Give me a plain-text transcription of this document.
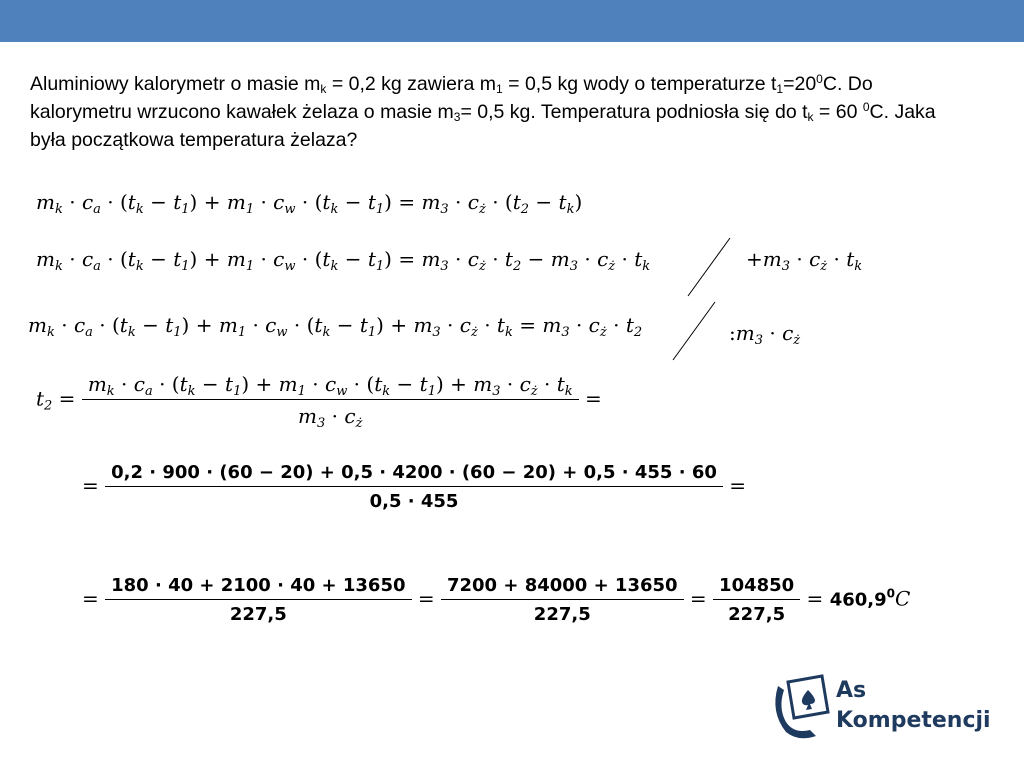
Aluminiowy kalorymetr o masie $m_k = 0,2$ kg zawiera $m_1 = 0,5$ kg wody o temperaturze $t_1=20^0C$. Do kalorymetru wrzucono kawałek żelaza o masie $m_3= 0,5$ kg. Temperatura podniosła się do $t_k = 60$ $^0$C. Jaka była początkowa temperatura żelaza?
$m_k \cdot c_a \cdot (t_k - t_1) + m_1 \cdot c_w \cdot (t_k - t_1) = m_3 \cdot c_ż \cdot (t_2 - t_k)$
$m_k \cdot c_a \cdot (t_k - t_1) + m_1 \cdot c_w \cdot (t_k - t_1) = m_3 \cdot c_ż \cdot t_2 - m_3 \cdot c_ż \cdot t_k$	$+m_3 \cdot c_ż \cdot t_k$
$m_k \cdot c_a \cdot (t_k - t_1) + m_1 \cdot c_w \cdot (t_k - t_1) + m_3 \cdot c_ż \cdot t_k = m_3 \cdot c_ż \cdot t_2$	$:m_3 \cdot c_ż$
$t_2 = \frac{m_k \cdot c_a \cdot (t_k - t_1) + m_1 \cdot c_w \cdot (t_k - t_1) + m_3 \cdot c_ż \cdot t_k}{m_3 \cdot c_ż}$ =
=
0,2 · 900 · (60 − 20) + 0,5 · 4200 · (60 − 20) + 0,5 · 455 · 60
0,5 · 455
=
= $\frac{180 \cdot 40 + 2100 \cdot 40 + 13650}{227,5} = \frac{7200 + 84000 + 13650}{227,5} = \frac{104850}{227,5} = 460,9^0C$
As
Kompetencji
